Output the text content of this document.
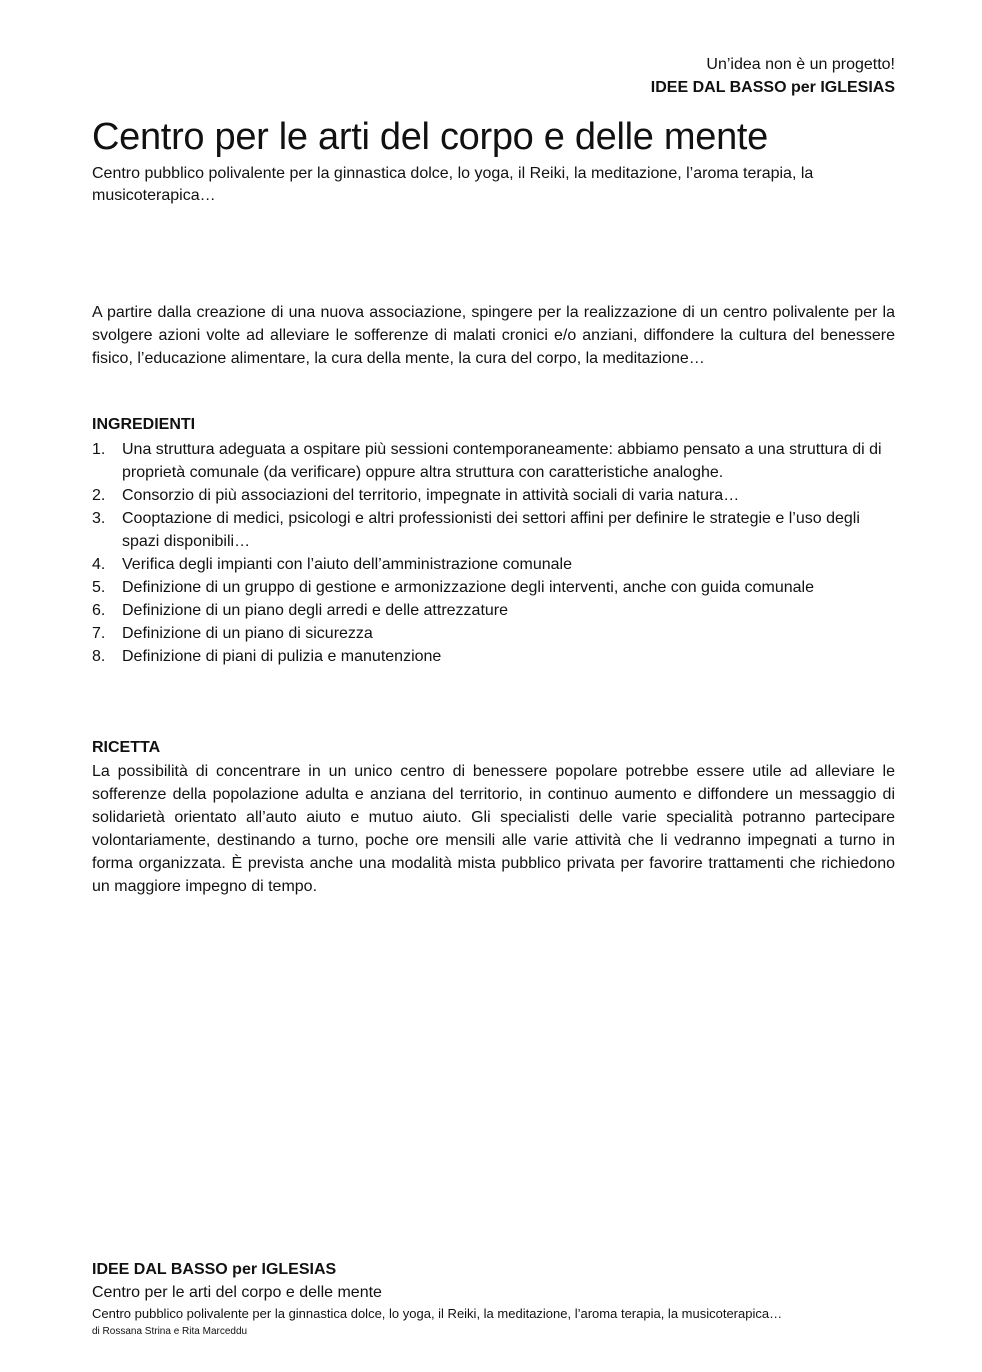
Un’idea non è un progetto!
IDEE DAL BASSO per IGLESIAS
Centro per le arti del corpo e delle mente

Centro pubblico polivalente per la ginnastica dolce, lo yoga, il Reiki, la meditazione, l’aroma terapia, la musicoterapica…

A partire dalla creazione di una nuova associazione, spingere per la realizzazione di un centro polivalente per la svolgere azioni volte ad alleviare le sofferenze di malati cronici e/o anziani, diffondere la cultura del benessere fisico, l’educazione alimentare, la cura della mente, la cura del corpo, la meditazione…

INGREDIENTI
1.	Una struttura adeguata a ospitare più sessioni contemporaneamente: abbiamo pensato a una struttura di di proprietà comunale (da verificare) oppure altra struttura con caratteristiche analoghe.
2.	Consorzio di più associazioni del territorio, impegnate in attività sociali di varia natura…
3.	Cooptazione di medici, psicologi e altri professionisti dei settori affini per definire le strategie e l’uso degli spazi disponibili…
4.	Verifica degli impianti con l’aiuto dell’amministrazione comunale
5.	Definizione di un gruppo di gestione e armonizzazione degli interventi, anche con guida comunale
6.	Definizione di un piano degli arredi e delle attrezzature
7.	Definizione di un piano di sicurezza
8.	Definizione di piani di pulizia e manutenzione
RICETTA

La possibilità di concentrare in un unico centro di benessere popolare potrebbe essere utile ad alleviare le sofferenze della popolazione adulta e anziana del territorio, in continuo aumento e diffondere un messaggio di solidarietà orientato all’auto aiuto e mutuo aiuto. Gli specialisti delle varie specialità potranno partecipare volontariamente, destinando a turno, poche ore mensili alle varie attività che li vedranno impegnati a turno in forma organizzata. È prevista anche una modalità mista pubblico privata per favorire trattamenti che richiedono un maggiore impegno di tempo.

IDEE DAL BASSO per IGLESIAS
Centro per le arti del corpo e delle mente
Centro pubblico polivalente per la ginnastica dolce, lo yoga, il Reiki, la meditazione, l’aroma terapia, la musicoterapica…
di Rossana Strina e Rita Marceddu
